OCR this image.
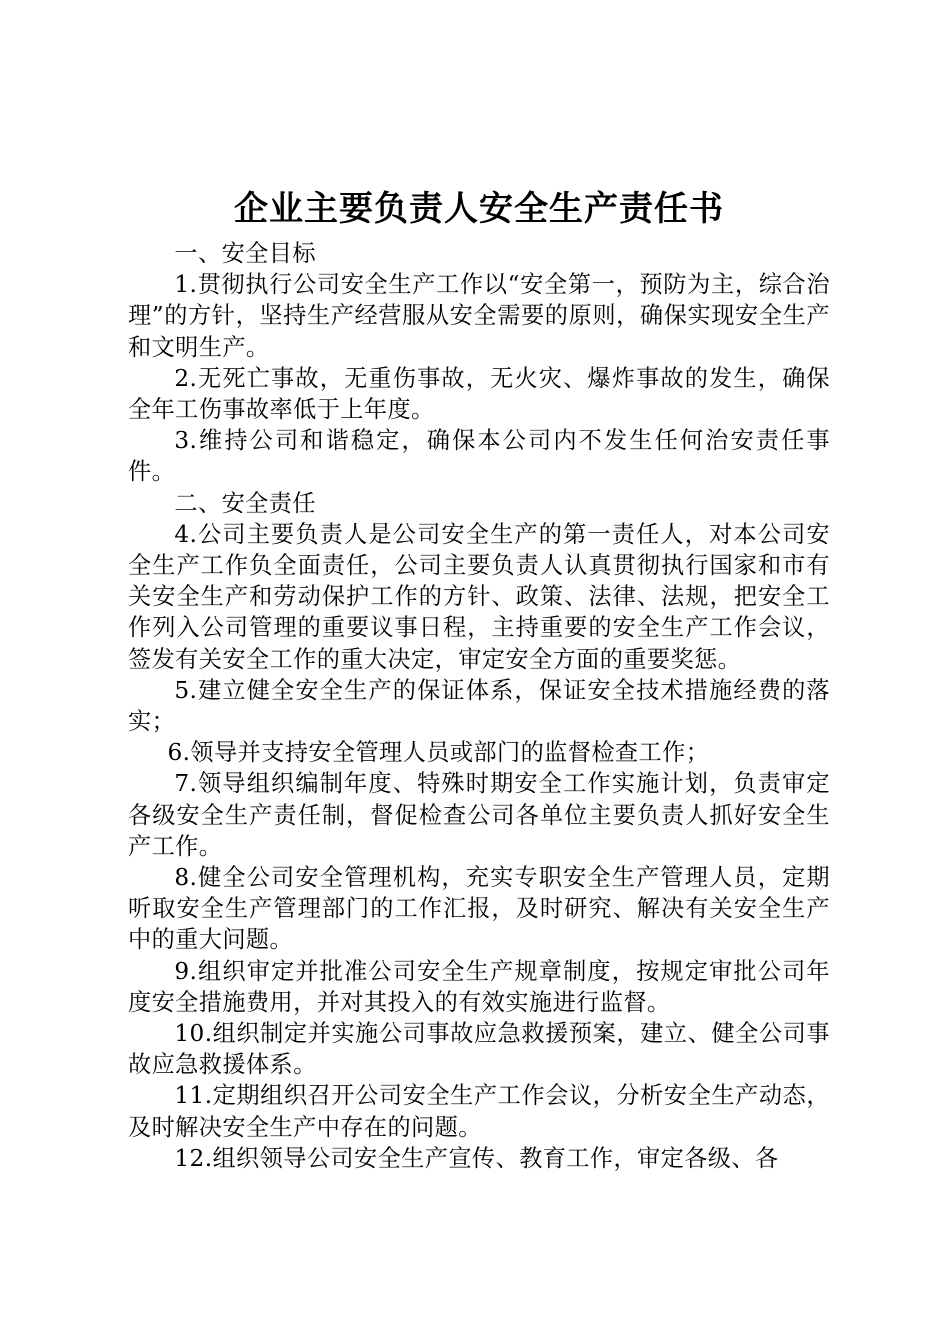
企业主要负责人安全生产责任书

一、安全目标

1.贯彻执行公司安全生产工作以“安全第一，预防为主，综合治理”的方针，坚持生产经营服从安全需要的原则，确保实现安全生产和文明生产。

2.无死亡事故，无重伤事故，无火灾、爆炸事故的发生，确保全年工伤事故率低于上年度。

3.维持公司和谐稳定，确保本公司内不发生任何治安责任事件。

二、安全责任

4.公司主要负责人是公司安全生产的第一责任人，对本公司安全生产工作负全面责任，公司主要负责人认真贯彻执行国家和市有关安全生产和劳动保护工作的方针、政策、法律、法规，把安全工作列入公司管理的重要议事日程，主持重要的安全生产工作会议，签发有关安全工作的重大决定，审定安全方面的重要奖惩。

5.建立健全安全生产的保证体系，保证安全技术措施经费的落实；

6.领导并支持安全管理人员或部门的监督检查工作；

7.领导组织编制年度、特殊时期安全工作实施计划，负责审定各级安全生产责任制，督促检查公司各单位主要负责人抓好安全生产工作。

8.健全公司安全管理机构，充实专职安全生产管理人员，定期听取安全生产管理部门的工作汇报，及时研究、解决有关安全生产中的重大问题。

9.组织审定并批准公司安全生产规章制度，按规定审批公司年度安全措施费用，并对其投入的有效实施进行监督。

10.组织制定并实施公司事故应急救援预案，建立、健全公司事故应急救援体系。

11.定期组织召开公司安全生产工作会议，分析安全生产动态，及时解决安全生产中存在的问题。

12.组织领导公司安全生产宣传、教育工作，审定各级、各
